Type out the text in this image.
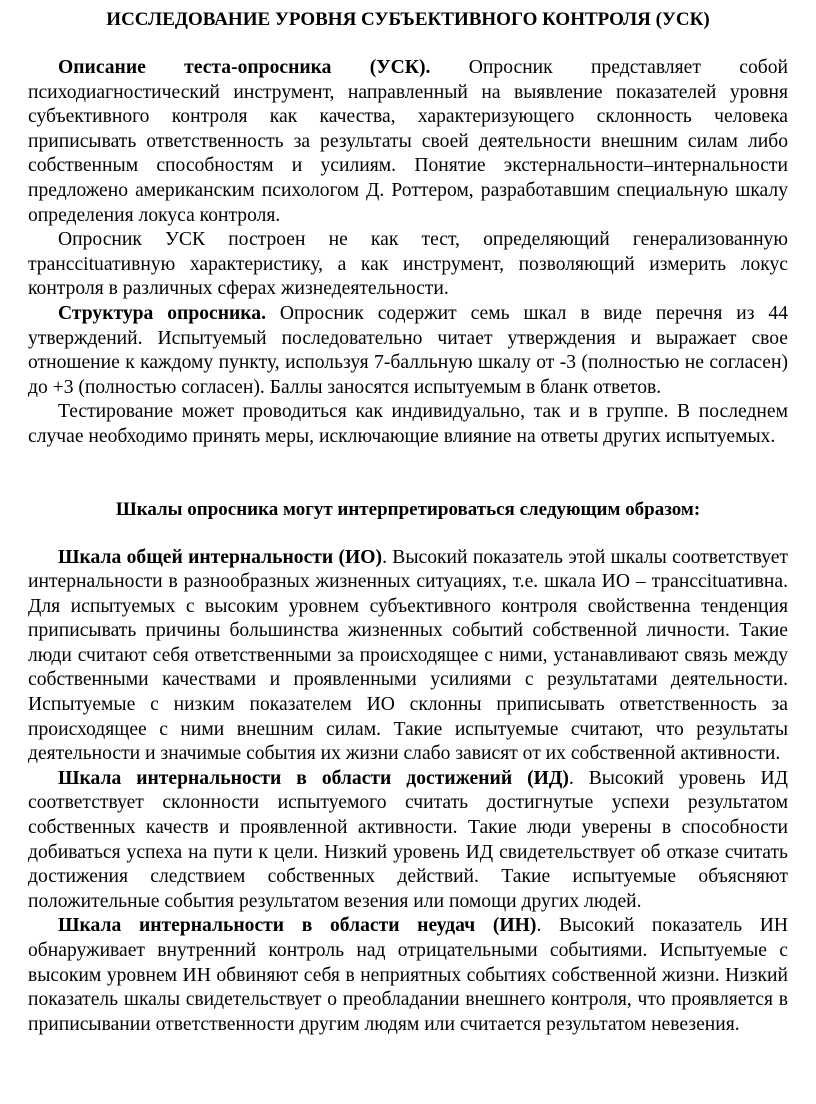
ИССЛЕДОВАНИЕ УРОВНЯ СУБЪЕКТИВНОГО КОНТРОЛЯ (УСК)

Описание теста-опросника (УСК). Опросник представляет собой психодиагностический инструмент, направленный на выявление показателей уровня субъективного контроля как качества, характеризующего склонность человека приписывать ответственность за результаты своей деятельности внешним силам либо собственным способностям и усилиям. Понятие экстернальности–интернальности предложено американским психологом Д. Роттером, разработавшим специальную шкалу определения локуса контроля.

Опросник УСК построен не как тест, определяющий генерализованную транссituативную характеристику, а как инструмент, позволяющий измерить локус контроля в различных сферах жизнедеятельности.

Структура опросника. Опросник содержит семь шкал в виде перечня из 44 утверждений. Испытуемый последовательно читает утверждения и выражает свое отношение к каждому пункту, используя 7-балльную шкалу от -3 (полностью не согласен) до +3 (полностью согласен). Баллы заносятся испытуемым в бланк ответов.

Тестирование может проводиться как индивидуально, так и в группе. В последнем случае необходимо принять меры, исключающие влияние на ответы других испытуемых.

Шкалы опросника могут интерпретироваться следующим образом:

Шкала общей интернальности (ИО). Высокий показатель этой шкалы соответствует интернальности в разнообразных жизненных ситуациях, т.е. шкала ИО – транссituативна. Для испытуемых с высоким уровнем субъективного контроля свойственна тенденция приписывать причины большинства жизненных событий собственной личности. Такие люди считают себя ответственными за происходящее с ними, устанавливают связь между собственными качествами и проявленными усилиями с результатами деятельности. Испытуемые с низким показателем ИО склонны приписывать ответственность за происходящее с ними внешним силам. Такие испытуемые считают, что результаты деятельности и значимые события их жизни слабо зависят от их собственной активности.

Шкала интернальности в области достижений (ИД). Высокий уровень ИД соответствует склонности испытуемого считать достигнутые успехи результатом собственных качеств и проявленной активности. Такие люди уверены в способности добиваться успеха на пути к цели. Низкий уровень ИД свидетельствует об отказе считать достижения следствием собственных действий. Такие испытуемые объясняют положительные события результатом везения или помощи других людей.

Шкала интернальности в области неудач (ИН). Высокий показатель ИН обнаруживает внутренний контроль над отрицательными событиями. Испытуемые с высоким уровнем ИН обвиняют себя в неприятных событиях собственной жизни. Низкий показатель шкалы свидетельствует о преобладании внешнего контроля, что проявляется в приписывании ответственности другим людям или считается результатом невезения.
